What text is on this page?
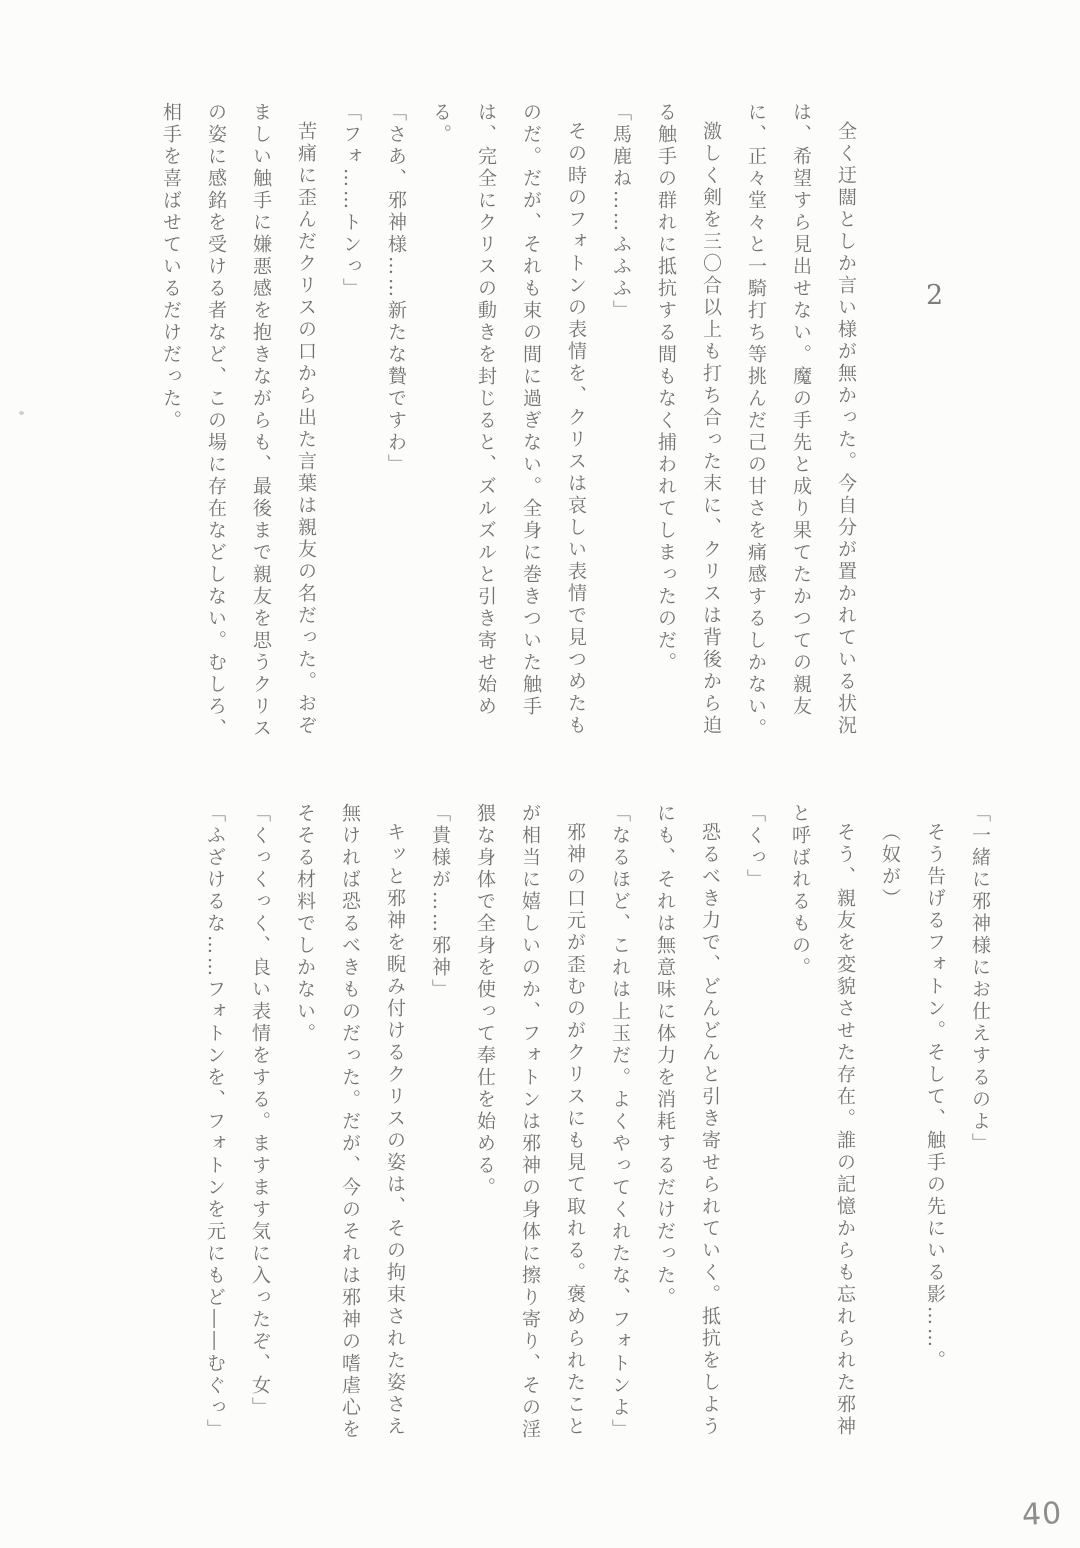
2

全く迂闊としか言い様が無かった。今自分が置かれている状況は、希望すら見出せない。魔の手先と成り果てたかつての親友に、正々堂々と一騎打ち等挑んだ己の甘さを痛感するしかない。

激しく剣を三〇合以上も打ち合った末に、クリスは背後から迫る触手の群れに抵抗する間もなく捕われてしまったのだ。

「馬鹿ね……ふふふ」

その時のフォトンの表情を、クリスは哀しい表情で見つめたものだ。だが、それも束の間に過ぎない。全身に巻きついた触手は、完全にクリスの動きを封じると、ズルズルと引き寄せ始める。

「さあ、邪神様……新たな贄ですわ」

「フォ……トンっ」

苦痛に歪んだクリスの口から出た言葉は親友の名だった。おぞましい触手に嫌悪感を抱きながらも、最後まで親友を思うクリスの姿に感銘を受ける者など、この場に存在などしない。むしろ、相手を喜ばせているだけだった。

「一緒に邪神様にお仕えするのよ」

そう告げるフォトン。そして、触手の先にいる影……。

（奴が）

そう、親友を変貌させた存在。誰の記憶からも忘れられた邪神と呼ばれるもの。

「くっ」

恐るべき力で、どんどんと引き寄せられていく。抵抗をしようにも、それは無意味に体力を消耗するだけだった。

「なるほど、これは上玉だ。よくやってくれたな、フォトンよ」

邪神の口元が歪むのがクリスにも見て取れる。褒められたことが相当に嬉しいのか、フォトンは邪神の身体に擦り寄り、その淫猥な身体で全身を使って奉仕を始める。

「貴様が……邪神」

キッと邪神を睨み付けるクリスの姿は、その拘束された姿さえ無ければ恐るべきものだった。だが、今のそれは邪神の嗜虐心をそそる材料でしかない。

「くっくっく、良い表情をする。ますます気に入ったぞ、女」

「ふざけるな……フォトンを、フォトンを元にもど――むぐっ」

40
